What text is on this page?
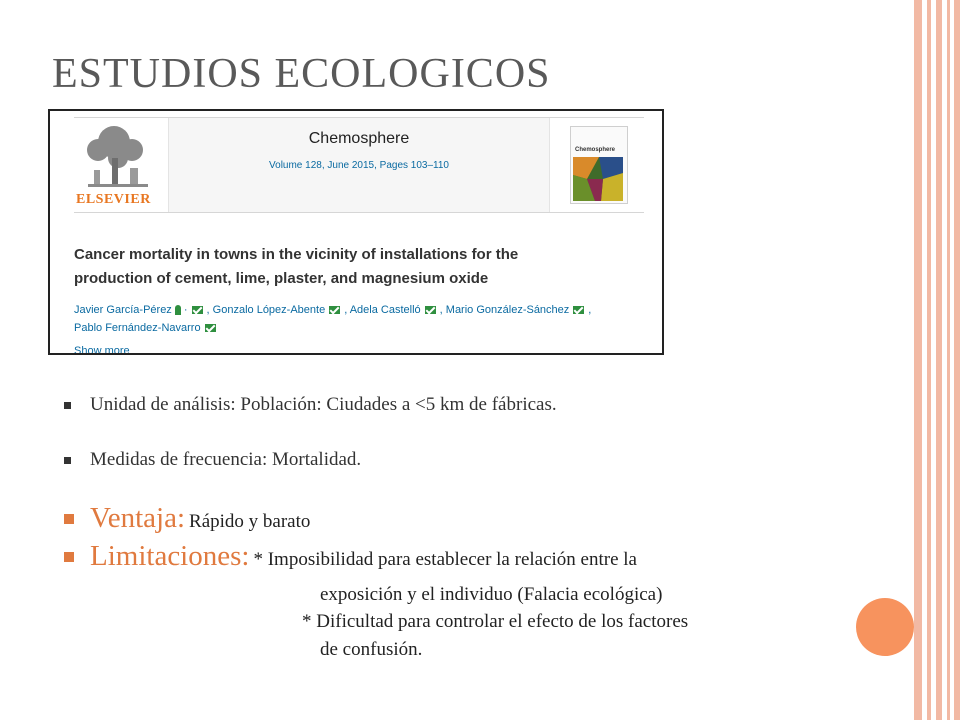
ESTUDIOS ECOLOGICOS
ELSEVIER
Chemosphere
Volume 128, June 2015, Pages 103–110
Chemosphere
Cancer mortality in towns in the vicinity of installations for the
production of cement, lime, plaster, and magnesium oxide
Javier García-Pérez · , Gonzalo López-Abente , Adela Castelló , Mario González-Sánchez ,
Pablo Fernández-Navarro
Show more
Unidad de análisis: Población: Ciudades a <5 km de fábricas.
Medidas de frecuencia: Mortalidad.
Ventaja: Rápido y barato
Limitaciones: * Imposibilidad para establecer la relación entre la
exposición y el individuo (Falacia ecológica)
* Dificultad para controlar el efecto de los factores
de confusión.
